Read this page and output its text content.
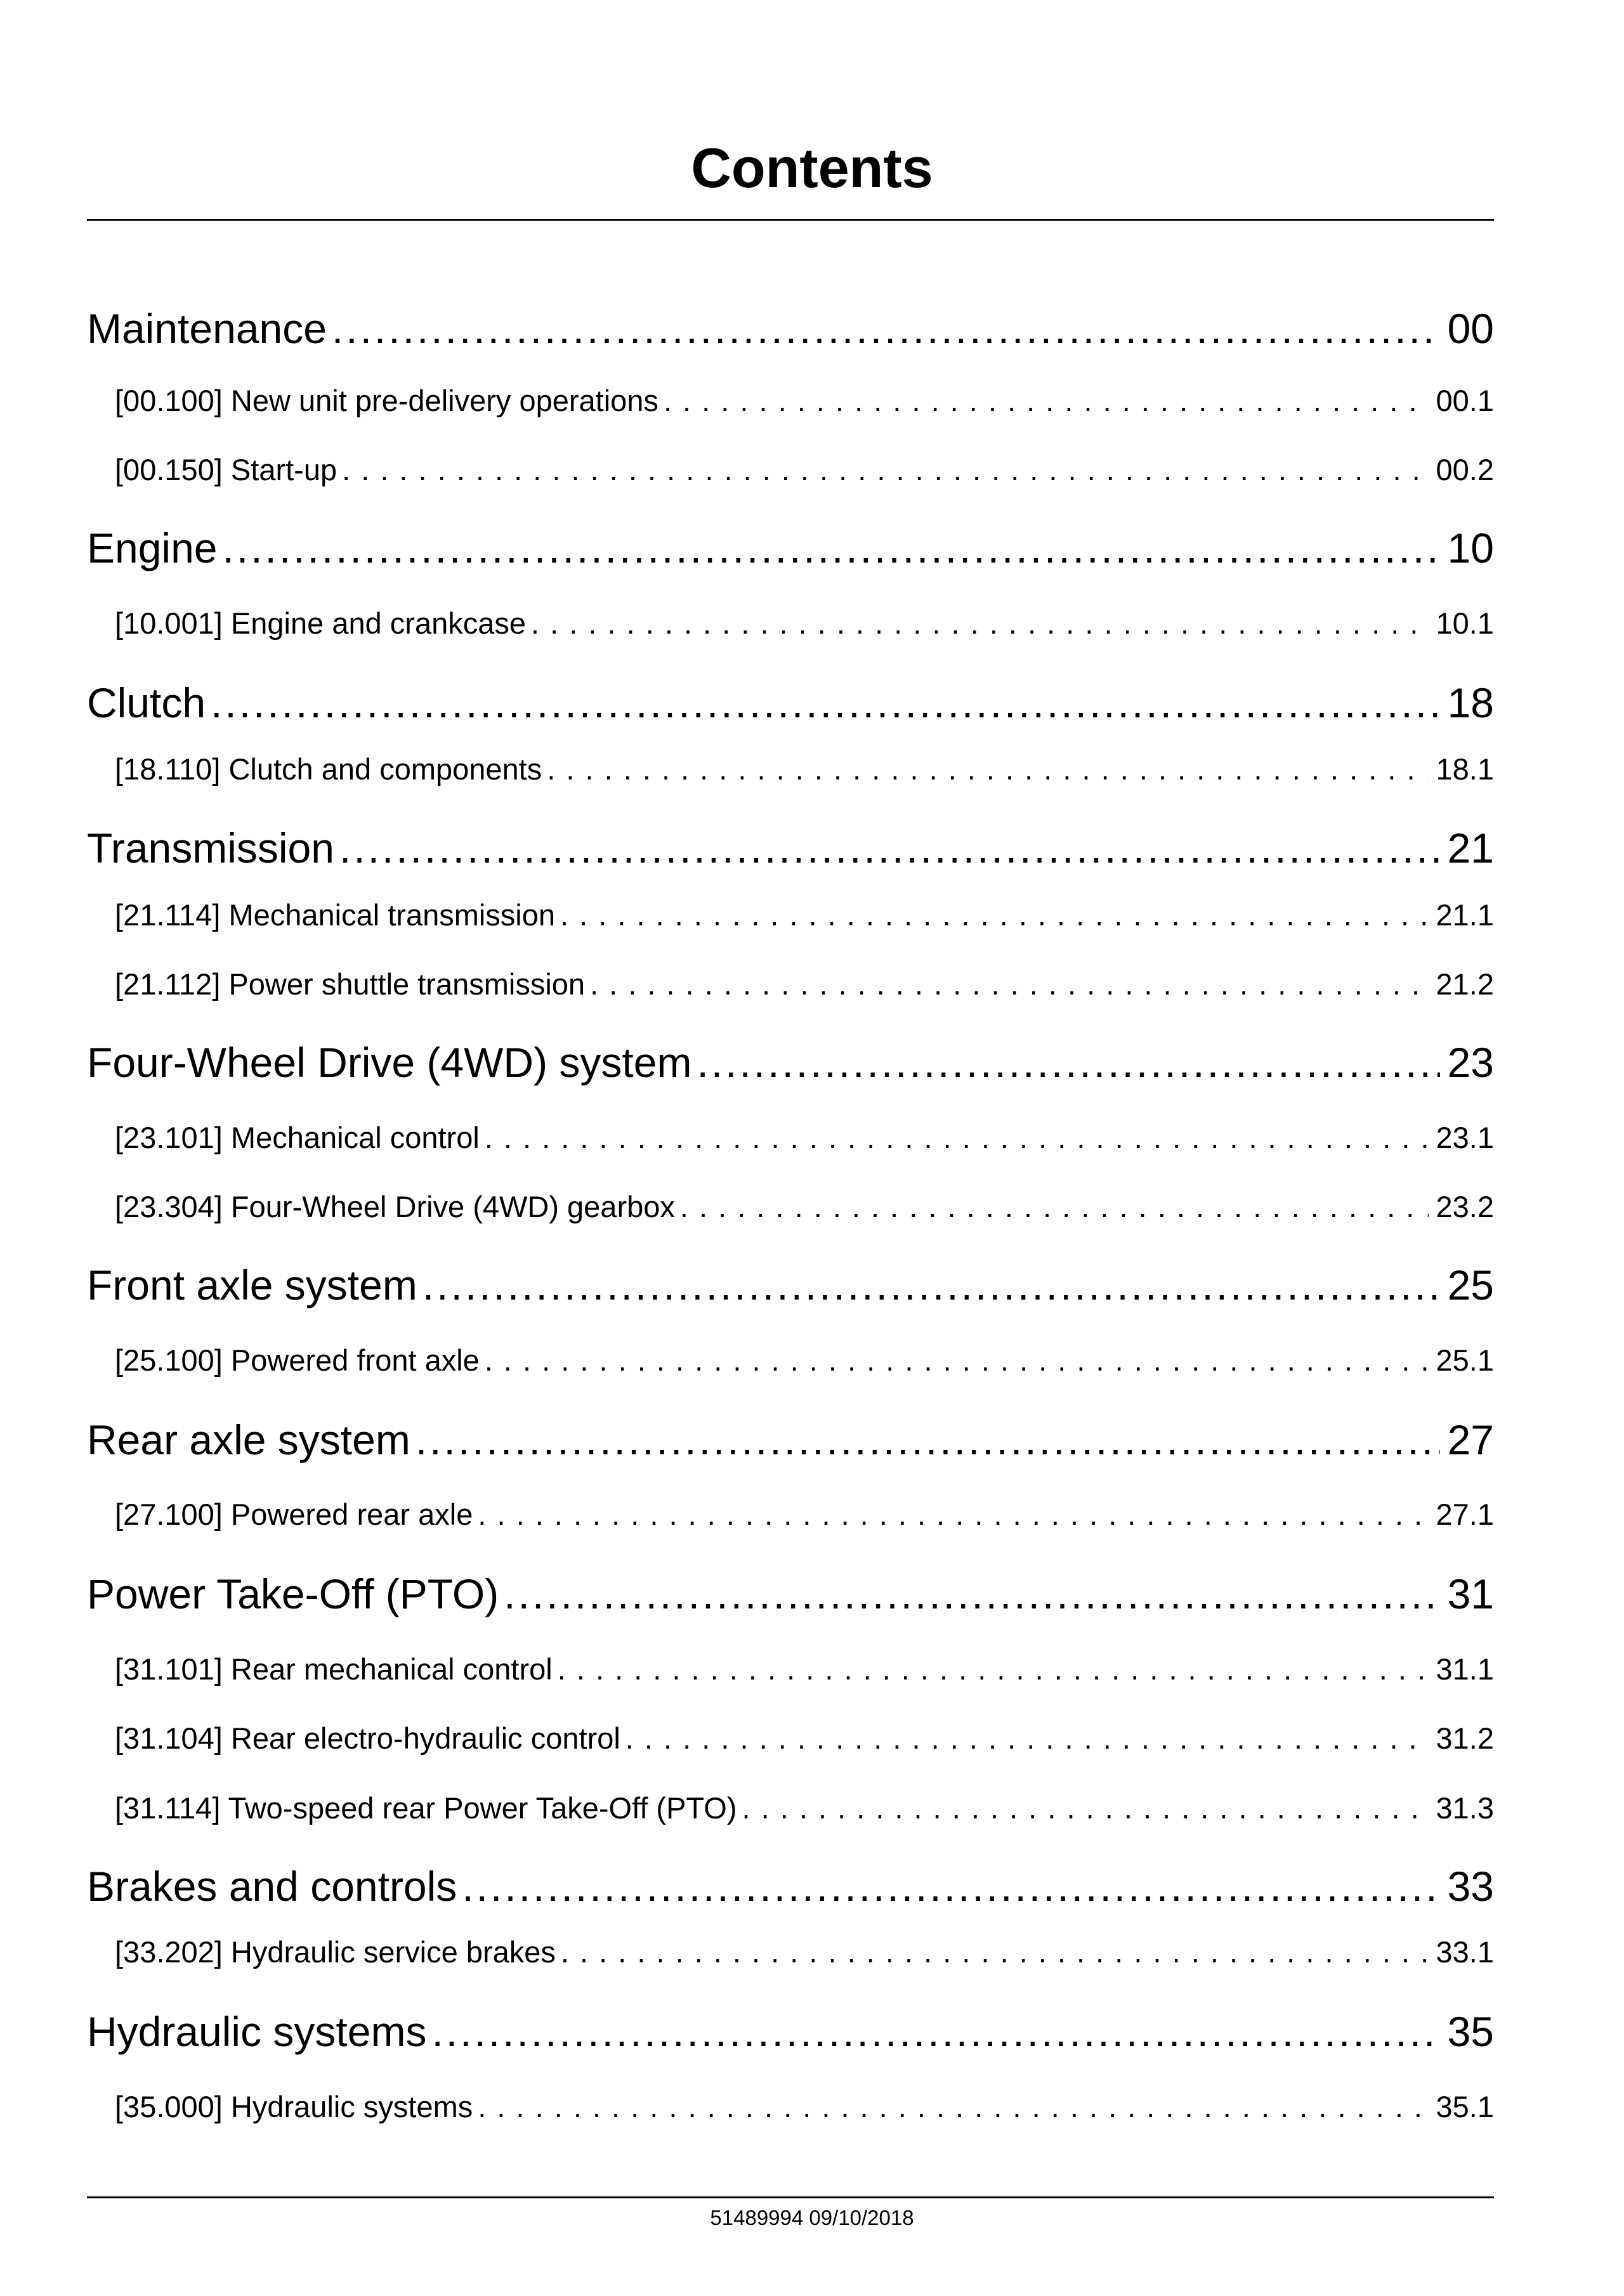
Contents
Maintenance .....	00
[00.100] New unit pre-delivery operations . . .	00.1
[00.150] Start-up . . .	00.2
Engine .....	10
[10.001] Engine and crankcase . . .	10.1
Clutch .....	18
[18.110] Clutch and components . . .	18.1
Transmission .....	21
[21.114] Mechanical transmission . . .	21.1
[21.112] Power shuttle transmission . . .	21.2
Four-Wheel Drive (4WD) system .....	23
[23.101] Mechanical control . . .	23.1
[23.304] Four-Wheel Drive (4WD) gearbox . . .	23.2
Front axle system .....	25
[25.100] Powered front axle . . .	25.1
Rear axle system .....	27
[27.100] Powered rear axle . . .	27.1
Power Take-Off (PTO) .....	31
[31.101] Rear mechanical control . . .	31.1
[31.104] Rear electro-hydraulic control . . .	31.2
[31.114] Two-speed rear Power Take-Off (PTO) . . .	31.3
Brakes and controls .....	33
[33.202] Hydraulic service brakes . . .	33.1
Hydraulic systems .....	35
[35.000] Hydraulic systems . . .	35.1
51489994 09/10/2018
